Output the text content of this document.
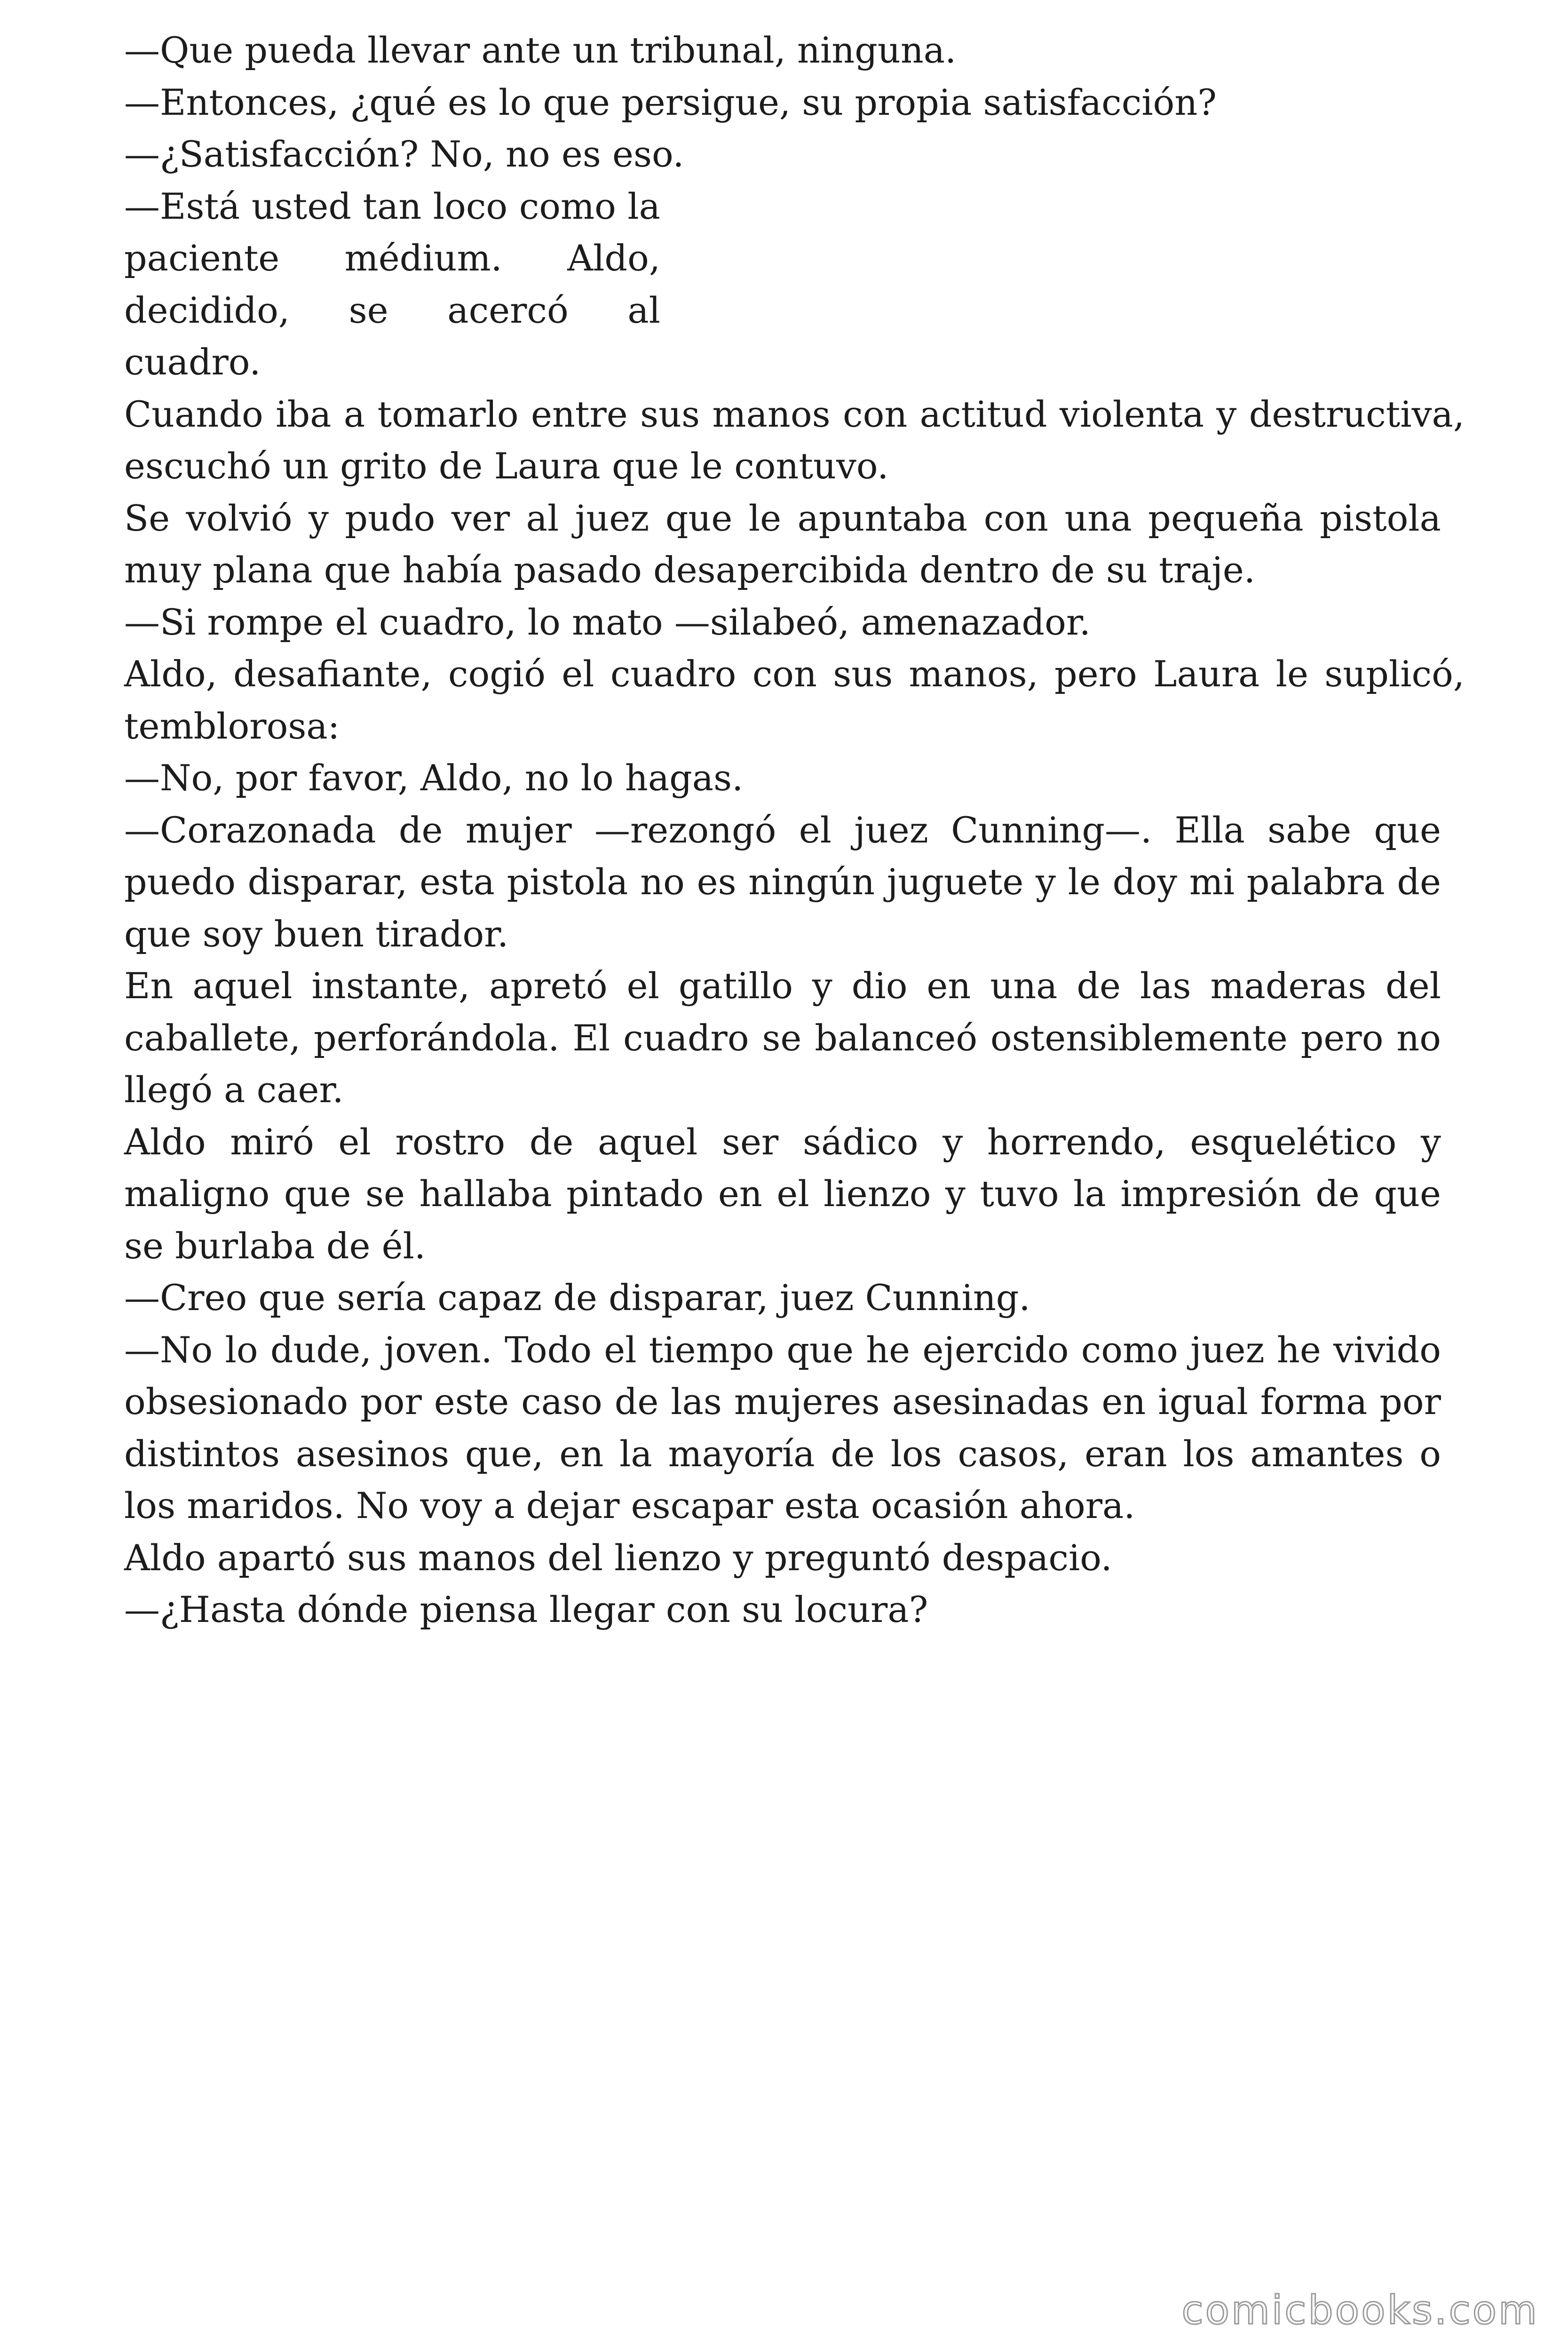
—Que pueda llevar ante un tribunal, ninguna.

—Entonces, ¿qué es lo que persigue, su propia satisfacción?

—¿Satisfacción? No, no es eso.

—Está usted tan loco como la paciente médium. Aldo, decidido, se acercó al cuadro.

Cuando iba a tomarlo entre sus manos con actitud violenta y destructiva, escuchó un grito de Laura que le contuvo.

Se volvió y pudo ver al juez que le apuntaba con una pequeña pistola muy plana que había pasado desapercibida dentro de su traje.

—Si rompe el cuadro, lo mato —silabeó, amenazador.

Aldo, desafiante, cogió el cuadro con sus manos, pero Laura le suplicó, temblorosa:

—No, por favor, Aldo, no lo hagas.

—Corazonada de mujer —rezongó el juez Cunning—. Ella sabe que puedo disparar, esta pistola no es ningún juguete y le doy mi palabra de que soy buen tirador.

En aquel instante, apretó el gatillo y dio en una de las maderas del caballete, perforándola. El cuadro se balanceó ostensiblemente pero no llegó a caer.

Aldo miró el rostro de aquel ser sádico y horrendo, esquelético y maligno que se hallaba pintado en el lienzo y tuvo la impresión de que se burlaba de él.

—Creo que sería capaz de disparar, juez Cunning.

—No lo dude, joven. Todo el tiempo que he ejercido como juez he vivido obsesionado por este caso de las mujeres asesinadas en igual forma por distintos asesinos que, en la mayoría de los casos, eran los amantes o los maridos. No voy a dejar escapar esta ocasión ahora.

Aldo apartó sus manos del lienzo y preguntó despacio.

—¿Hasta dónde piensa llegar con su locura?

comicbooks.com
